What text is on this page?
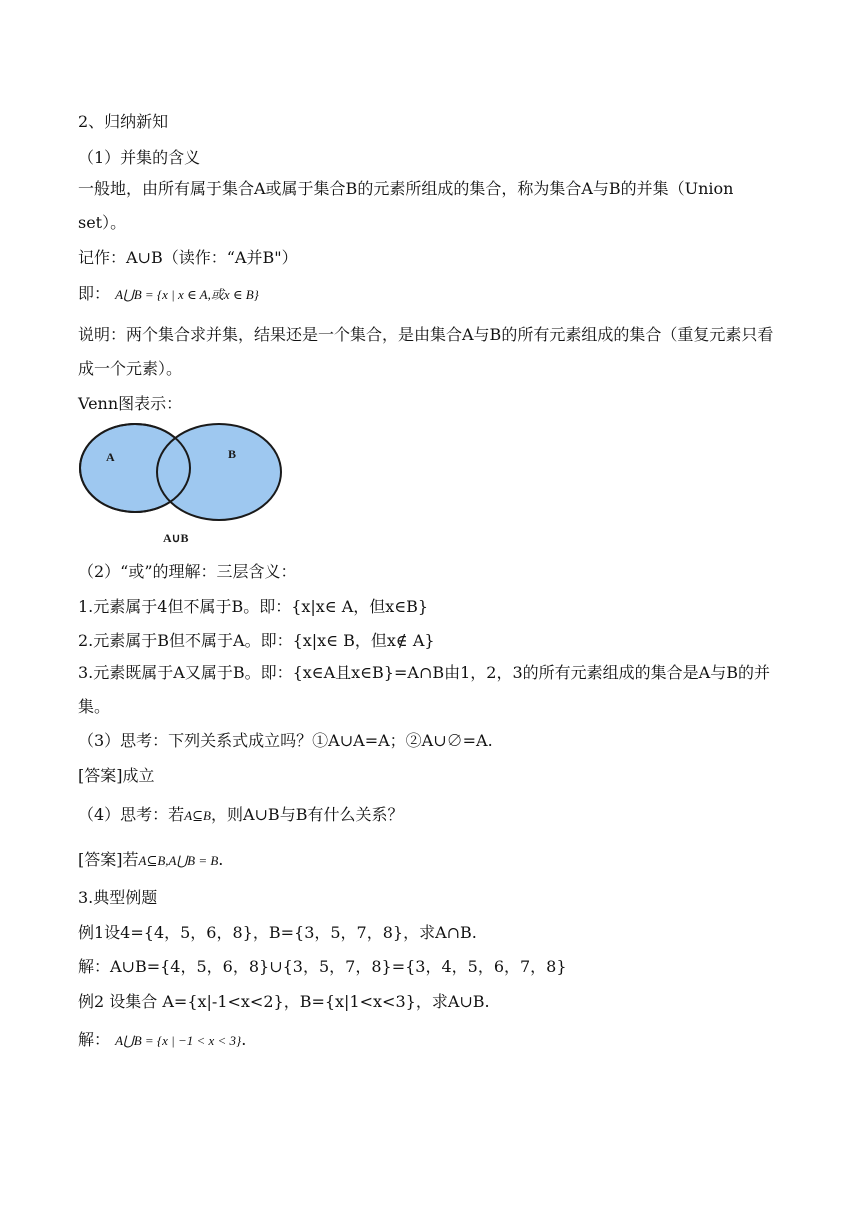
2、归纳新知
（1）并集的含义
一般地，由所有属于集合A或属于集合B的元素所组成的集合，称为集合A与B的并集（Union set）。
记作：A∪B（读作：“A并B"）
即： A⋃B = {x | x ∈ A,或x ∈ B}
说明：两个集合求并集，结果还是一个集合，是由集合A与B的所有元素组成的集合（重复元素只看成一个元素）。
Venn图表示：
A	B
A∪B
（2）“或”的理解：三层含义：
1.元素属于4但不属于B。即：{x|x∈ A，但x∈B}
2.元素属于B但不属于A。即：{x|x∈ B，但x∉ A}
3.元素既属于A又属于B。即：{x∈A且x∈B}=A∩B由1，2，3的所有元素组成的集合是A与B的并集。
（3）思考：下列关系式成立吗？①A∪A=A；②A∪∅=A.
[答案]成立
（4）思考：若A⊆B，则A∪B与B有什么关系？
[答案]若A⊆B,A⋃B = B.
3.典型例题
例1设4={4，5，6，8}，B={3，5，7，8}，求A∩B.
解：A∪B={4，5，6，8}∪{3，5，7，8}={3，4，5，6，7，8}
例2 设集合 A={x|-1<x<2}，B={x|1<x<3}，求A∪B.
解： A⋃B = {x | −1 < x < 3}.
